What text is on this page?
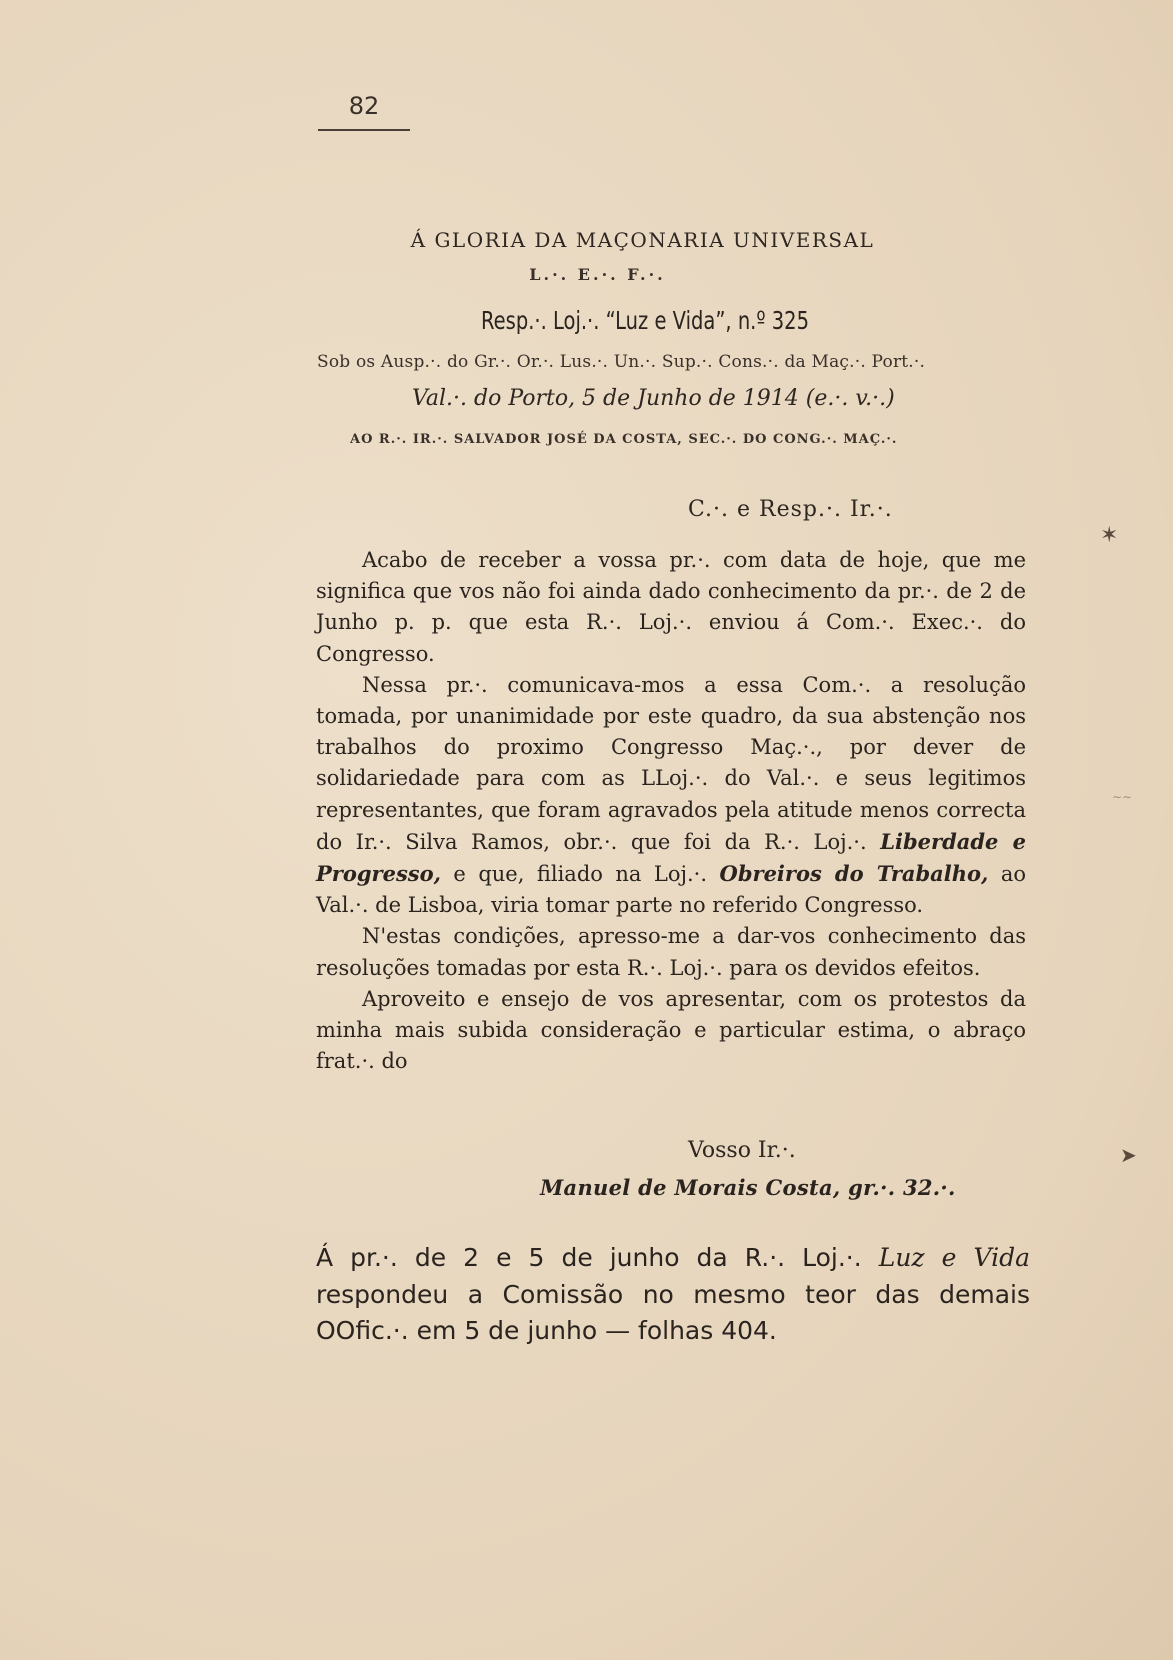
82
Á GLORIA DA MAÇONARIA UNIVERSAL
L.·. E.·. F.·.
Resp.·. Loj.·. “Luz e Vida”, n.º 325
Sob os Ausp.·. do Gr.·. Or.·. Lus.·. Un.·. Sup.·. Cons.·. da Maç.·. Port.·.
Val.·. do Porto, 5 de Junho de 1914 (e.·. v.·.)
AO R.·. IR.·. SALVADOR JOSÉ DA COSTA, SEC.·. DO CONG.·. MAÇ.·.
C.·. e Resp.·. Ir.·.

Acabo de receber a vossa pr.·. com data de hoje, que me significa que vos não foi ainda dado conhecimento da pr.·. de 2 de Junho p. p. que esta R.·. Loj.·. enviou á Com.·. Exec.·. do Congresso.

Nessa pr.·. comunicava-mos a essa Com.·. a resolução tomada, por unanimidade por este quadro, da sua abstenção nos trabalhos do proximo Congresso Maç.·., por dever de solidariedade para com as LLoj.·. do Val.·. e seus legitimos representantes, que foram agravados pela atitude menos correcta do Ir.·. Silva Ramos, obr.·. que foi da R.·. Loj.·. Liberdade e Progresso, e que, filiado na Loj.·. Obreiros do Trabalho, ao Val.·. de Lisboa, viria tomar parte no referido Congresso.

N'estas condições, apresso-me a dar-vos conhecimento das resoluções tomadas por esta R.·. Loj.·. para os devidos efeitos.

Aproveito e ensejo de vos apresentar, com os protestos da minha mais subida consideração e particular estima, o abraço frat.·. do

Vosso Ir.·.
Manuel de Morais Costa, gr.·. 32.·.

Á pr.·. de 2 e 5 de junho da R.·. Loj.·. Luz e Vida respondeu a Comissão no mesmo teor das demais OOfic.·. em 5 de junho — folhas 404.

✶
∼∼
➤
